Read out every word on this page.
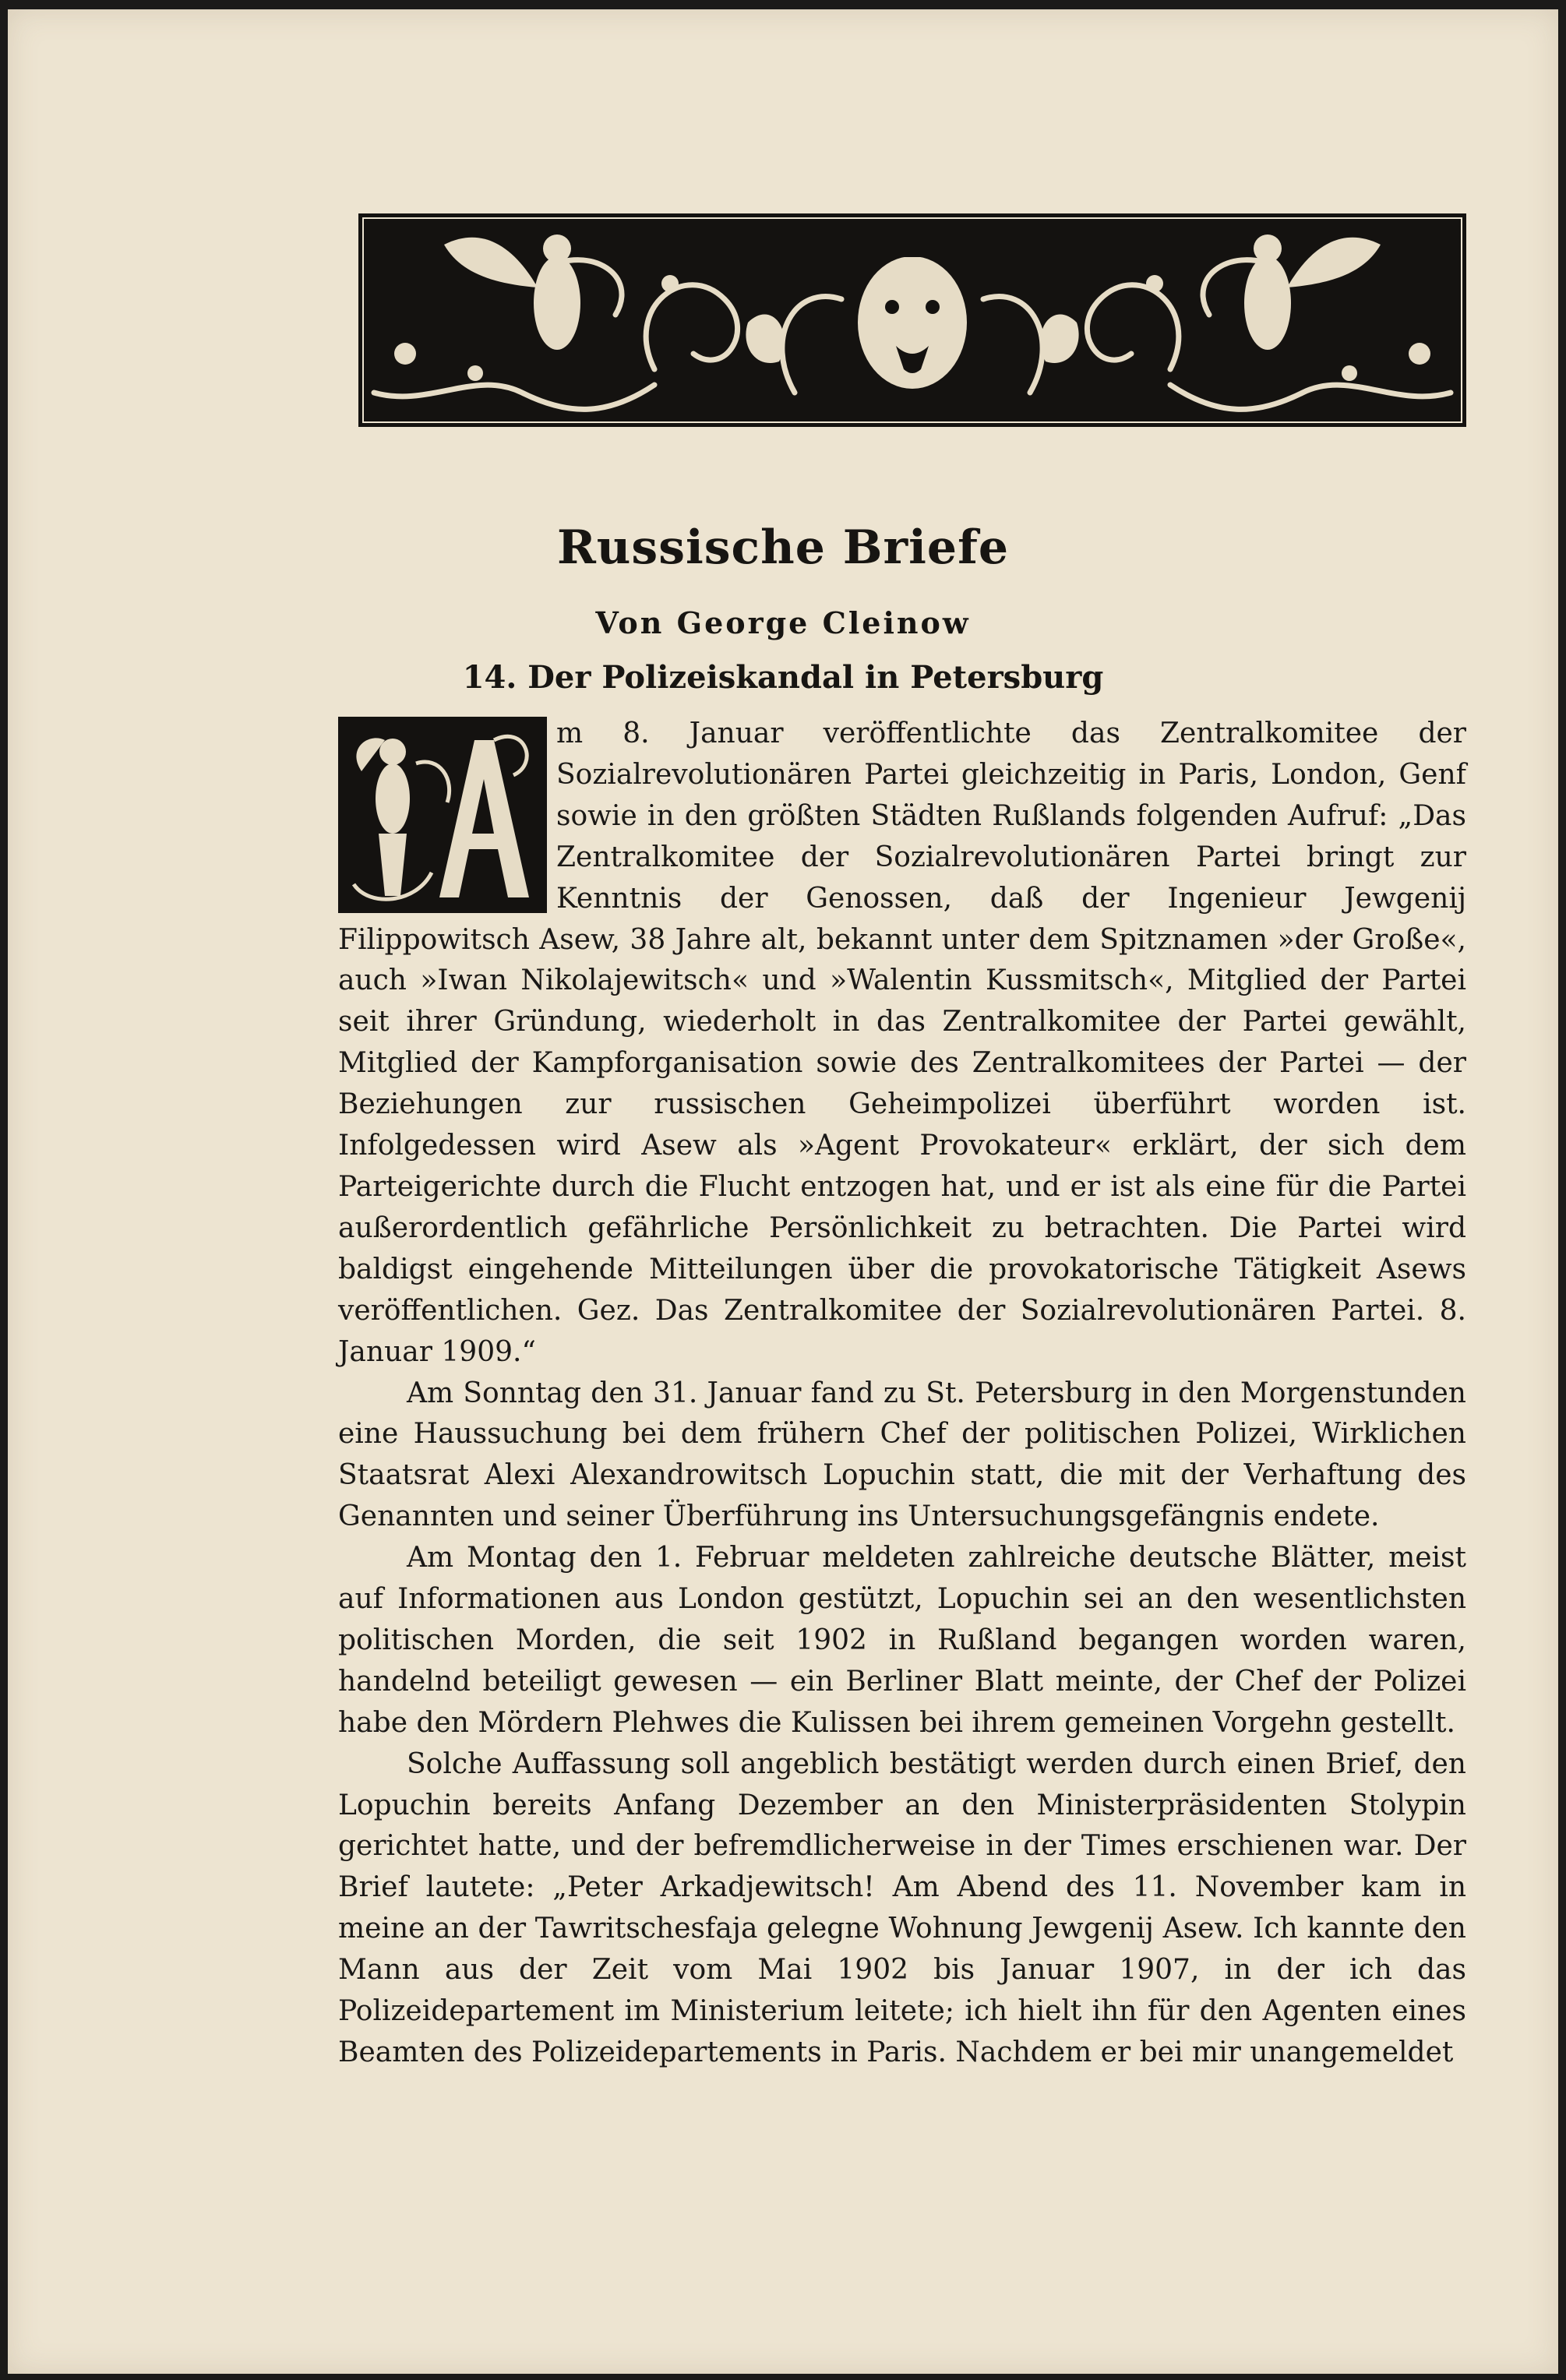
Russische Briefe
Von George Cleinow
14. Der Polizeiskandal in Petersburg

m 8. Januar veröffentlichte das Zentralkomitee der Sozialrevolutionären Partei gleichzeitig in Paris, London, Genf sowie in den größten Städten Rußlands folgenden Aufruf: „Das Zentralkomitee der Sozialrevolutionären Partei bringt zur Kenntnis der Genossen, daß der Ingenieur Jewgenij Filippowitsch Asew, 38 Jahre alt, bekannt unter dem Spitznamen »der Große«, auch »Iwan Nikolajewitsch« und »Walentin Kussmitsch«, Mitglied der Partei seit ihrer Gründung, wiederholt in das Zentralkomitee der Partei gewählt, Mitglied der Kampforganisation sowie des Zentralkomitees der Partei — der Beziehungen zur russischen Geheimpolizei überführt worden ist. Infolgedessen wird Asew als »Agent Provokateur« erklärt, der sich dem Parteigerichte durch die Flucht entzogen hat, und er ist als eine für die Partei außerordentlich gefährliche Persönlichkeit zu betrachten. Die Partei wird baldigst eingehende Mitteilungen über die provokatorische Tätigkeit Asews veröffentlichen. Gez. Das Zentralkomitee der Sozialrevolutionären Partei. 8. Januar 1909.“

Am Sonntag den 31. Januar fand zu St. Petersburg in den Morgenstunden eine Haussuchung bei dem frühern Chef der politischen Polizei, Wirklichen Staatsrat Alexi Alexandrowitsch Lopuchin statt, die mit der Verhaftung des Genannten und seiner Überführung ins Untersuchungsgefängnis endete.

Am Montag den 1. Februar meldeten zahlreiche deutsche Blätter, meist auf Informationen aus London gestützt, Lopuchin sei an den wesentlichsten politischen Morden, die seit 1902 in Rußland begangen worden waren, handelnd beteiligt gewesen — ein Berliner Blatt meinte, der Chef der Polizei habe den Mördern Plehwes die Kulissen bei ihrem gemeinen Vorgehn gestellt.

Solche Auffassung soll angeblich bestätigt werden durch einen Brief, den Lopuchin bereits Anfang Dezember an den Ministerpräsidenten Stolypin gerichtet hatte, und der befremdlicherweise in der Times erschienen war. Der Brief lautete: „Peter Arkadjewitsch! Am Abend des 11. November kam in meine an der Tawritschesfaja gelegne Wohnung Jewgenij Asew. Ich kannte den Mann aus der Zeit vom Mai 1902 bis Januar 1907, in der ich das Polizeidepartement im Ministerium leitete; ich hielt ihn für den Agenten eines Beamten des Polizeidepartements in Paris. Nachdem er bei mir unangemeldet
